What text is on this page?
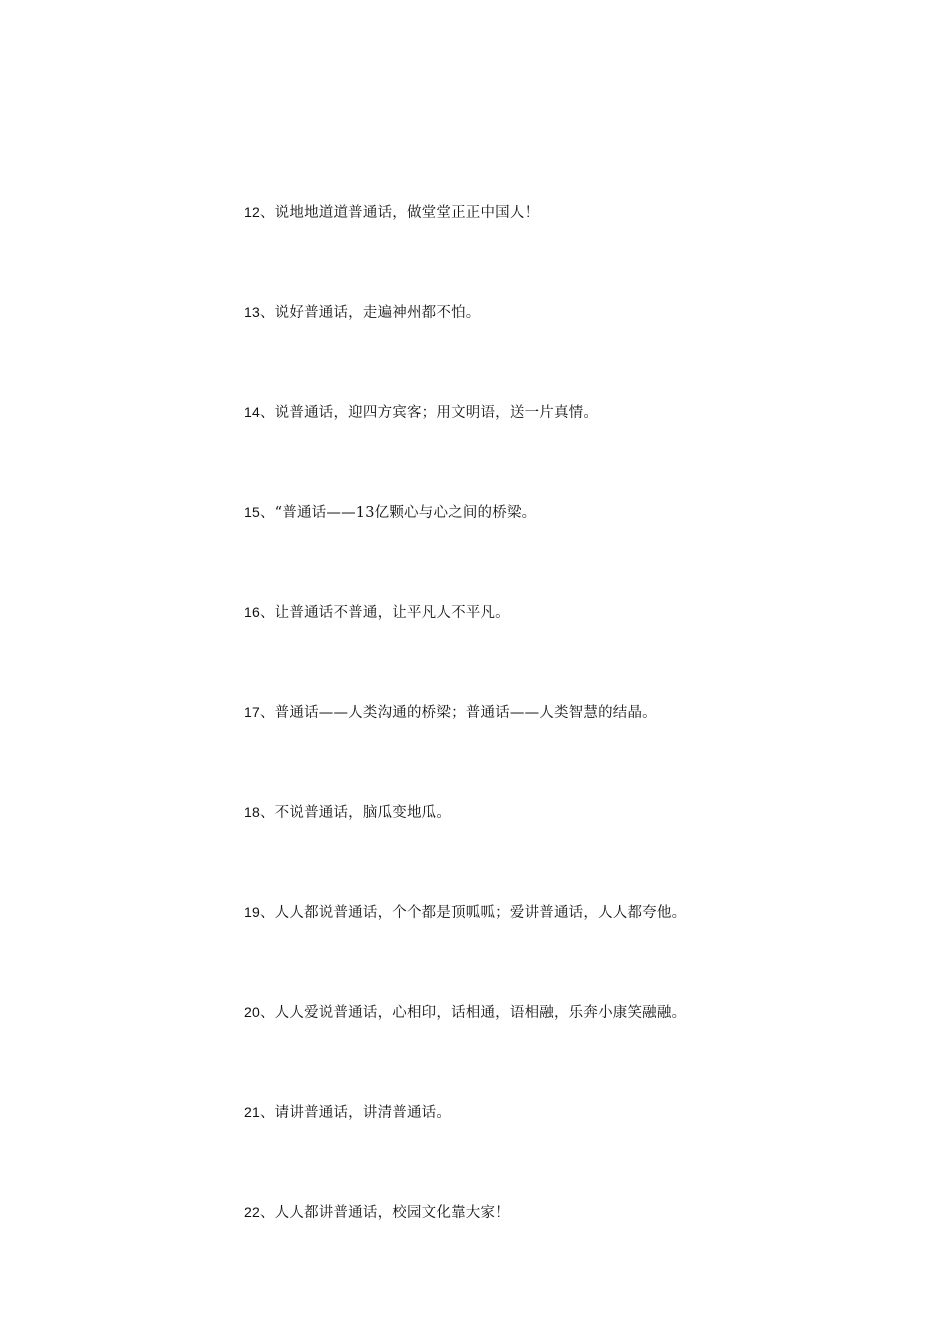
12、说地地道道普通话，做堂堂正正中国人！
13、说好普通话，走遍神州都不怕。
14、说普通话，迎四方宾客；用文明语，送一片真情。
15、“普通话——13亿颗心与心之间的桥梁。
16、让普通话不普通，让平凡人不平凡。
17、普通话——人类沟通的桥梁；普通话——人类智慧的结晶。
18、不说普通话，脑瓜变地瓜。
19、人人都说普通话，个个都是顶呱呱；爱讲普通话，人人都夸他。
20、人人爱说普通话，心相印，话相通，语相融，乐奔小康笑融融。
21、请讲普通话，讲清普通话。
22、人人都讲普通话，校园文化靠大家！
